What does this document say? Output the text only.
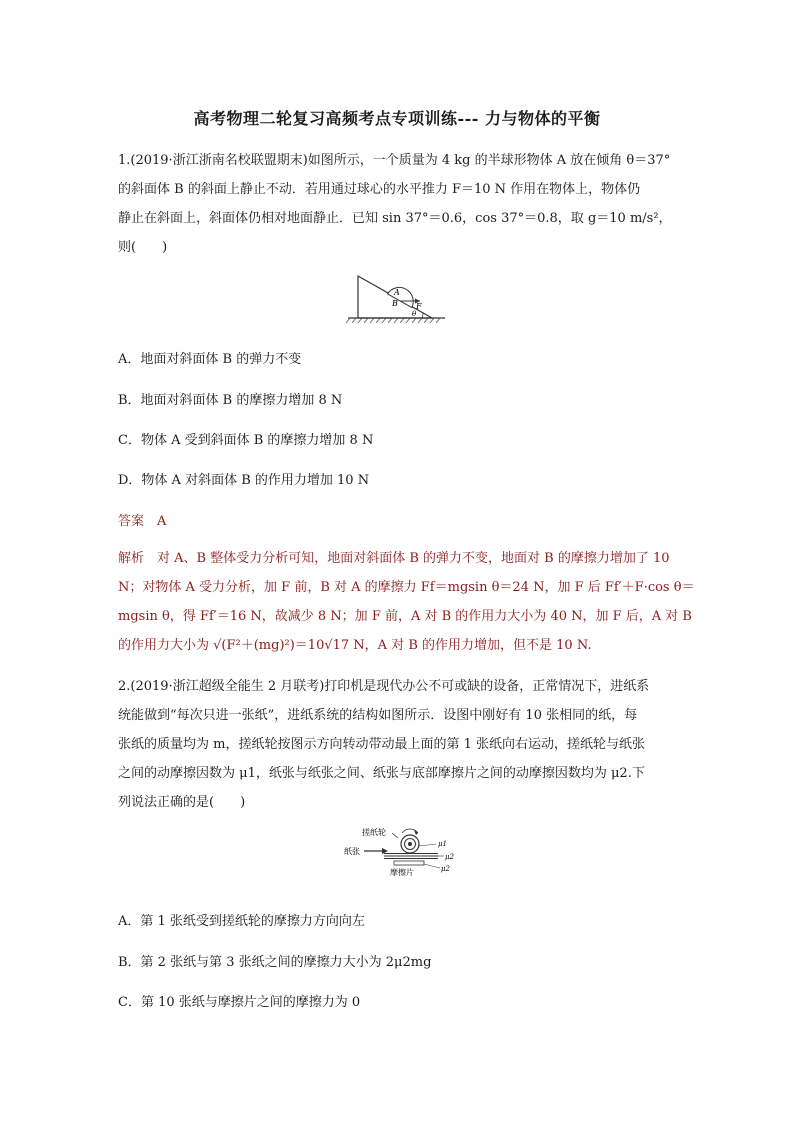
高考物理二轮复习高频考点专项训练--- 力与物体的平衡
1.(2019·浙江浙南名校联盟期末)如图所示，一个质量为 4 kg 的半球形物体 A 放在倾角 θ＝37°
的斜面体 B 的斜面上静止不动．若用通过球心的水平推力 F＝10 N 作用在物体上，物体仍
静止在斜面上，斜面体仍相对地面静止．已知 sin 37°＝0.6，cos 37°＝0.8，取 g＝10 m/s²，
则(　　)
A
B F
θ
A．地面对斜面体 B 的弹力不变
B．地面对斜面体 B 的摩擦力增加 8 N
C．物体 A 受到斜面体 B 的摩擦力增加 8 N
D．物体 A 对斜面体 B 的作用力增加 10 N
答案　A
解析　对 A、B 整体受力分析可知，地面对斜面体 B 的弹力不变，地面对 B 的摩擦力增加了 10
N；对物体 A 受力分析，加 F 前，B 对 A 的摩擦力 Ff＝mgsin θ＝24 N，加 F 后 Ff′＋F·cos θ＝
mgsin θ，得 Ff′＝16 N，故减少 8 N；加 F 前，A 对 B 的作用力大小为 40 N，加 F 后，A 对 B
的作用力大小为 √(F²＋(mg)²)＝10√17 N，A 对 B 的作用力增加，但不是 10 N.
2.(2019·浙江超级全能生 2 月联考)打印机是现代办公不可或缺的设备，正常情况下，进纸系
统能做到“每次只进一张纸”，进纸系统的结构如图所示．设图中刚好有 10 张相同的纸，每
张纸的质量均为 m，搓纸轮按图示方向转动带动最上面的第 1 张纸向右运动，搓纸轮与纸张
之间的动摩擦因数为 μ1，纸张与纸张之间、纸张与底部摩擦片之间的动摩擦因数均为 μ2.下
列说法正确的是(　　)
搓纸轮
纸张
摩擦片
μ1
μ2
μ2
A．第 1 张纸受到搓纸轮的摩擦力方向向左
B．第 2 张纸与第 3 张纸之间的摩擦力大小为 2μ2mg
C．第 10 张纸与摩擦片之间的摩擦力为 0
